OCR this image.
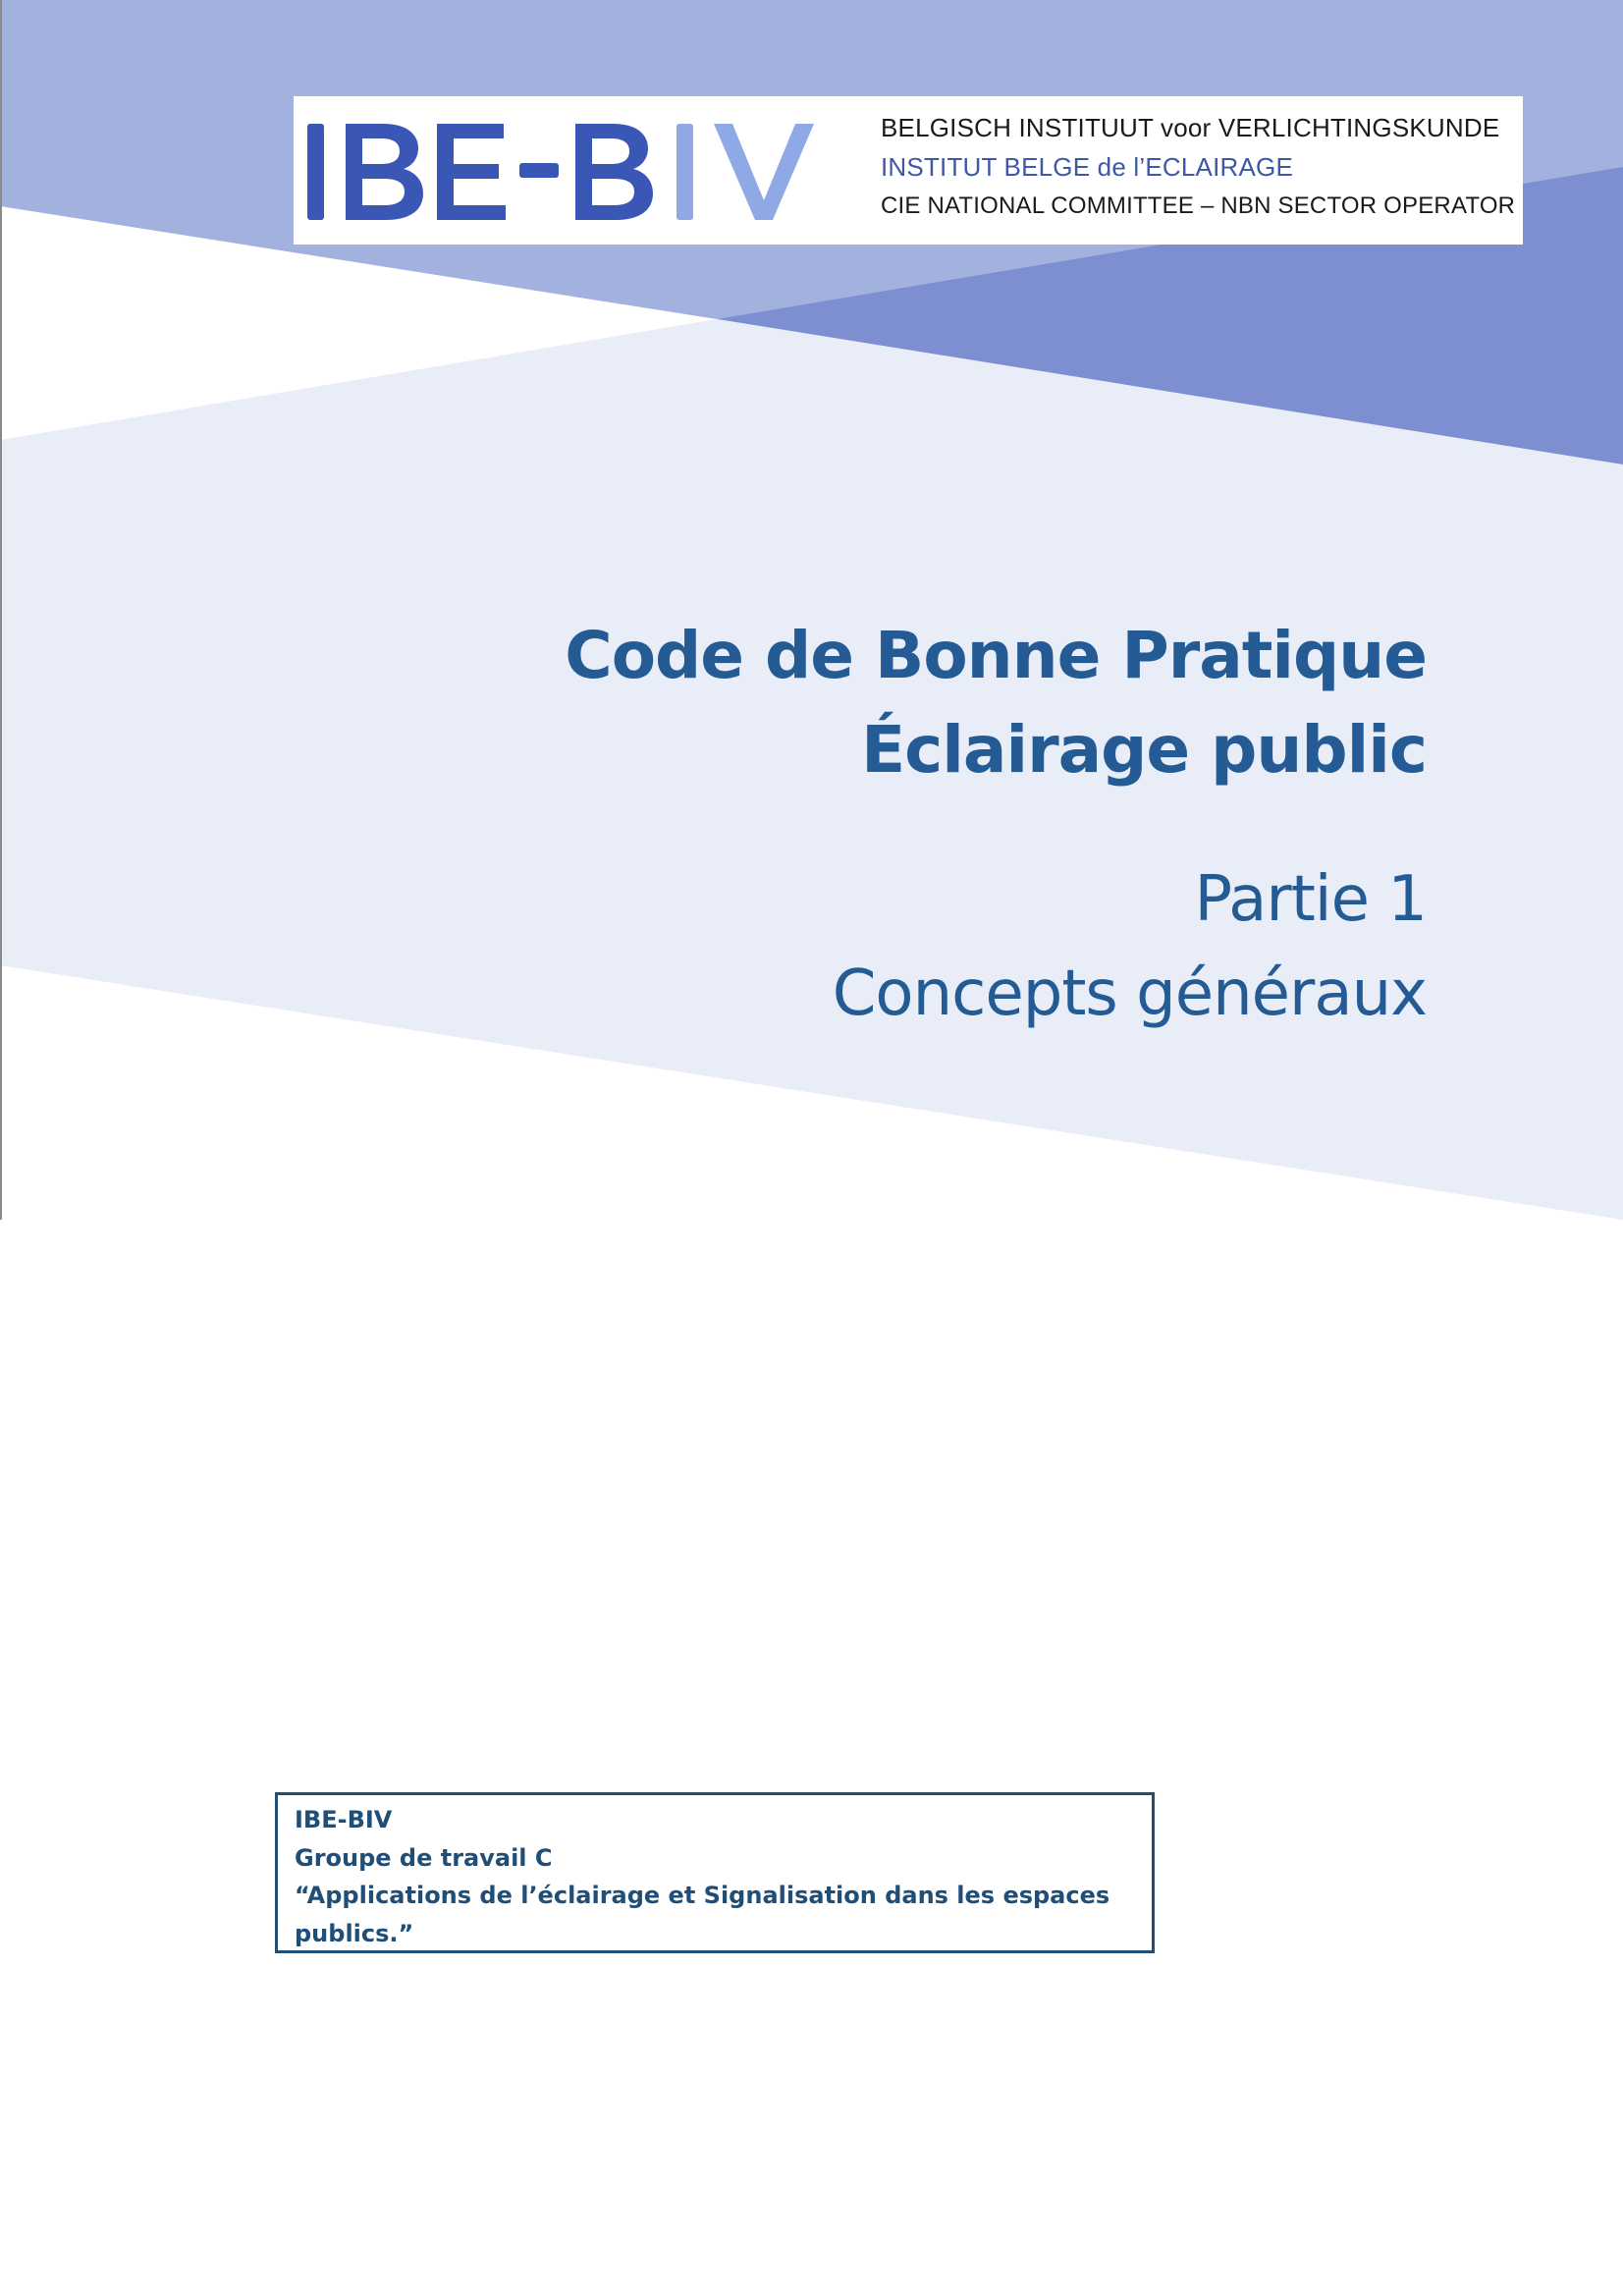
BELGISCH INSTITUUT voor VERLICHTINGSKUNDE
INSTITUT BELGE de l’ECLAIRAGE
CIE NATIONAL COMMITTEE – NBN SECTOR OPERATOR
Code de Bonne Pratique
Éclairage public
Partie 1
Concepts généraux
IBE-BIV
Groupe de travail C
“Applications de l’éclairage et Signalisation dans les espaces
publics.”
